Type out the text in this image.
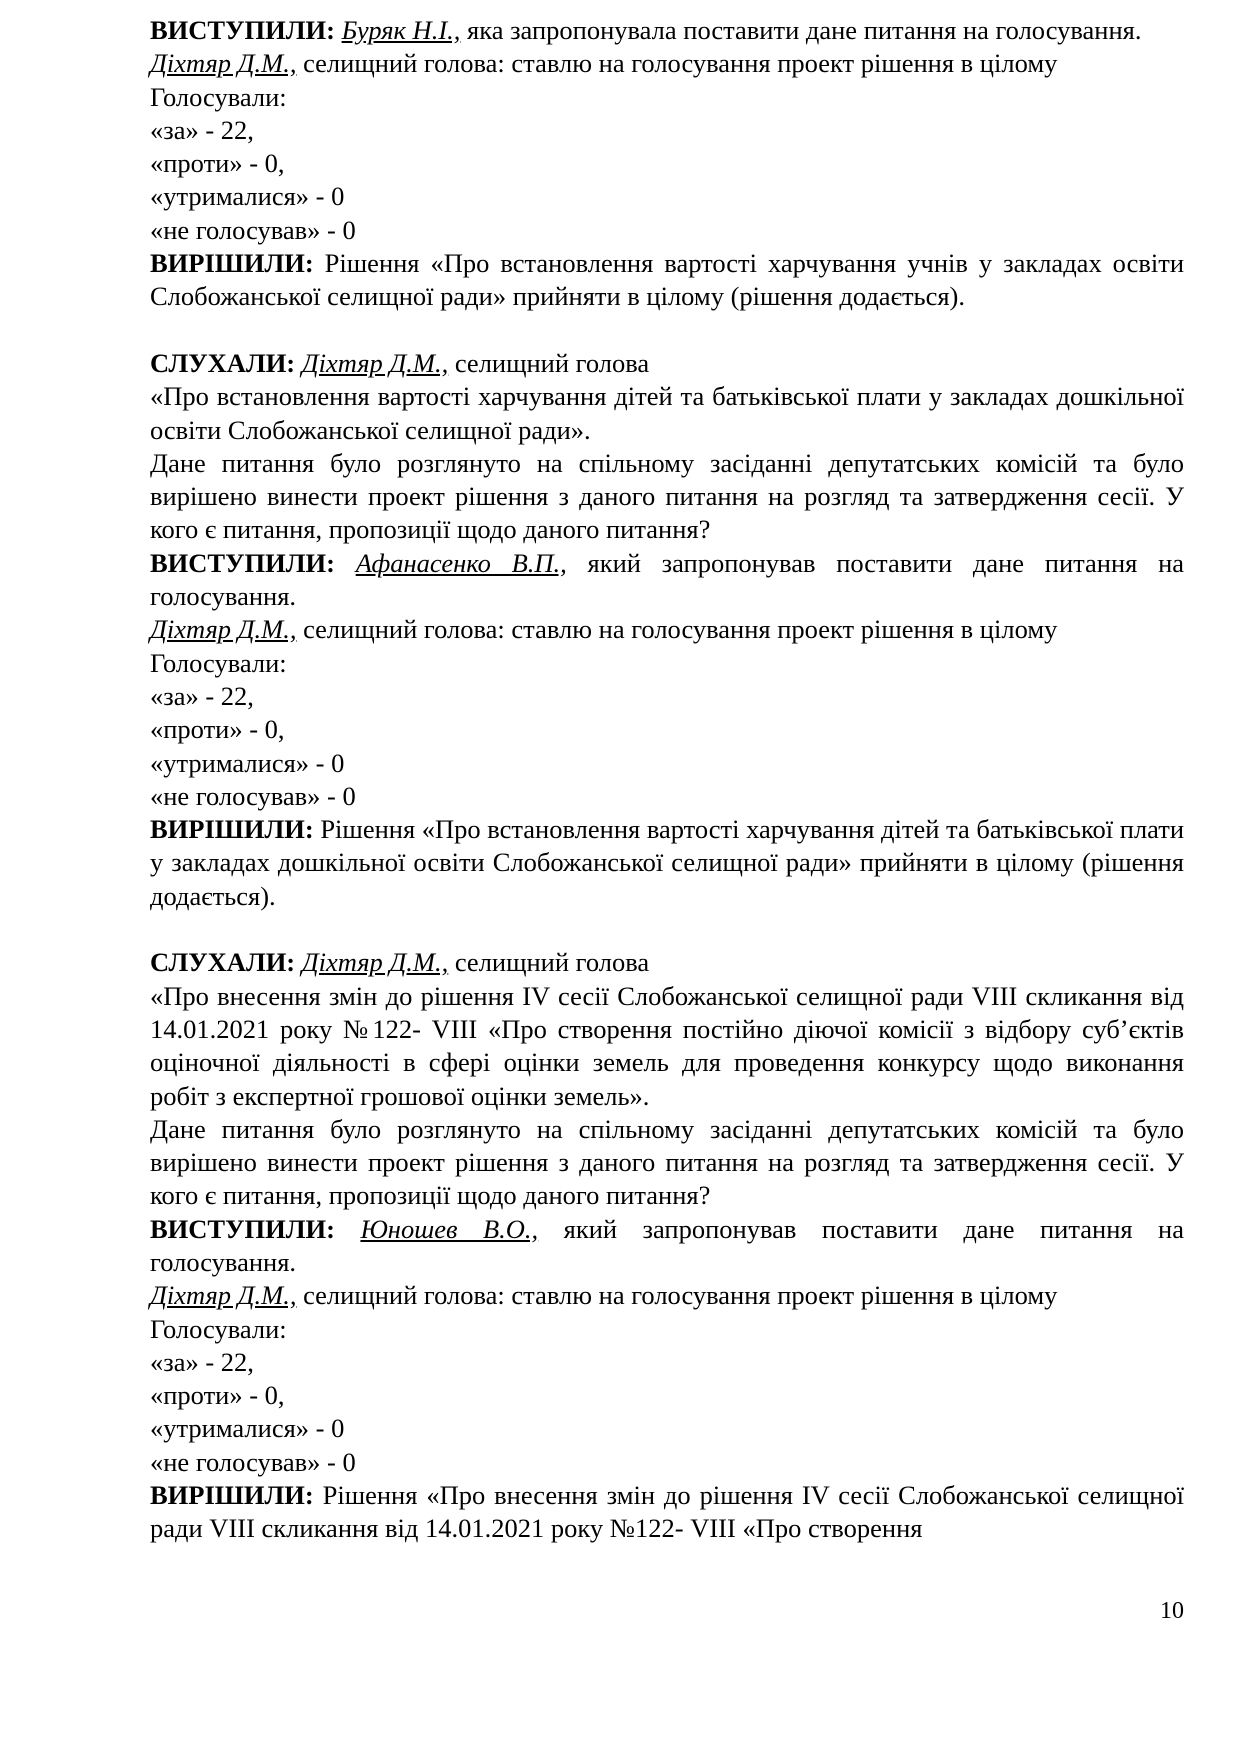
ВИСТУПИЛИ: Буряк Н.І., яка запропонувала поставити дане питання на голосування.

Діхтяр Д.М., селищний голова: ставлю на голосування проект рішення в цілому

Голосували:

«за» - 22,

«проти» - 0,

«утрималися» - 0

«не голосував» - 0

ВИРІШИЛИ: Рішення «Про встановлення вартості харчування учнів у закладах освіти Слобожанської селищної ради» прийняти в цілому (рішення додається).

СЛУХАЛИ: Діхтяр Д.М., селищний голова

«Про встановлення вартості харчування дітей та батьківської плати у закладах дошкільної освіти Слобожанської селищної ради».

Дане питання було розглянуто на спільному засіданні депутатських комісій та було вирішено винести проект рішення з даного питання на розгляд та затвердження сесії. У кого є питання, пропозиції щодо даного питання?

ВИСТУПИЛИ: Афанасенко В.П., який запропонував поставити дане питання на голосування.

Діхтяр Д.М., селищний голова: ставлю на голосування проект рішення в цілому

Голосували:

«за» - 22,

«проти» - 0,

«утрималися» - 0

«не голосував» - 0

ВИРІШИЛИ: Рішення «Про встановлення вартості харчування дітей та батьківської плати у закладах дошкільної освіти Слобожанської селищної ради» прийняти в цілому (рішення додається).

СЛУХАЛИ: Діхтяр Д.М., селищний голова

«Про внесення змін до рішення IV сесії Слобожанської селищної ради VIII скликання від 14.01.2021 року №122- VIII «Про створення постійно діючої комісії з відбору суб’єктів оціночної діяльності в сфері оцінки земель для проведення конкурсу щодо виконання робіт з експертної грошової оцінки земель».

Дане питання було розглянуто на спільному засіданні депутатських комісій та було вирішено винести проект рішення з даного питання на розгляд та затвердження сесії. У кого є питання, пропозиції щодо даного питання?

ВИСТУПИЛИ: Юношев В.О., який запропонував поставити дане питання на голосування.

Діхтяр Д.М., селищний голова: ставлю на голосування проект рішення в цілому

Голосували:

«за» - 22,

«проти» - 0,

«утрималися» - 0

«не голосував» - 0

ВИРІШИЛИ: Рішення «Про внесення змін до рішення IV сесії Слобожанської селищної ради VIII скликання від 14.01.2021 року №122- VIII «Про створення

10
